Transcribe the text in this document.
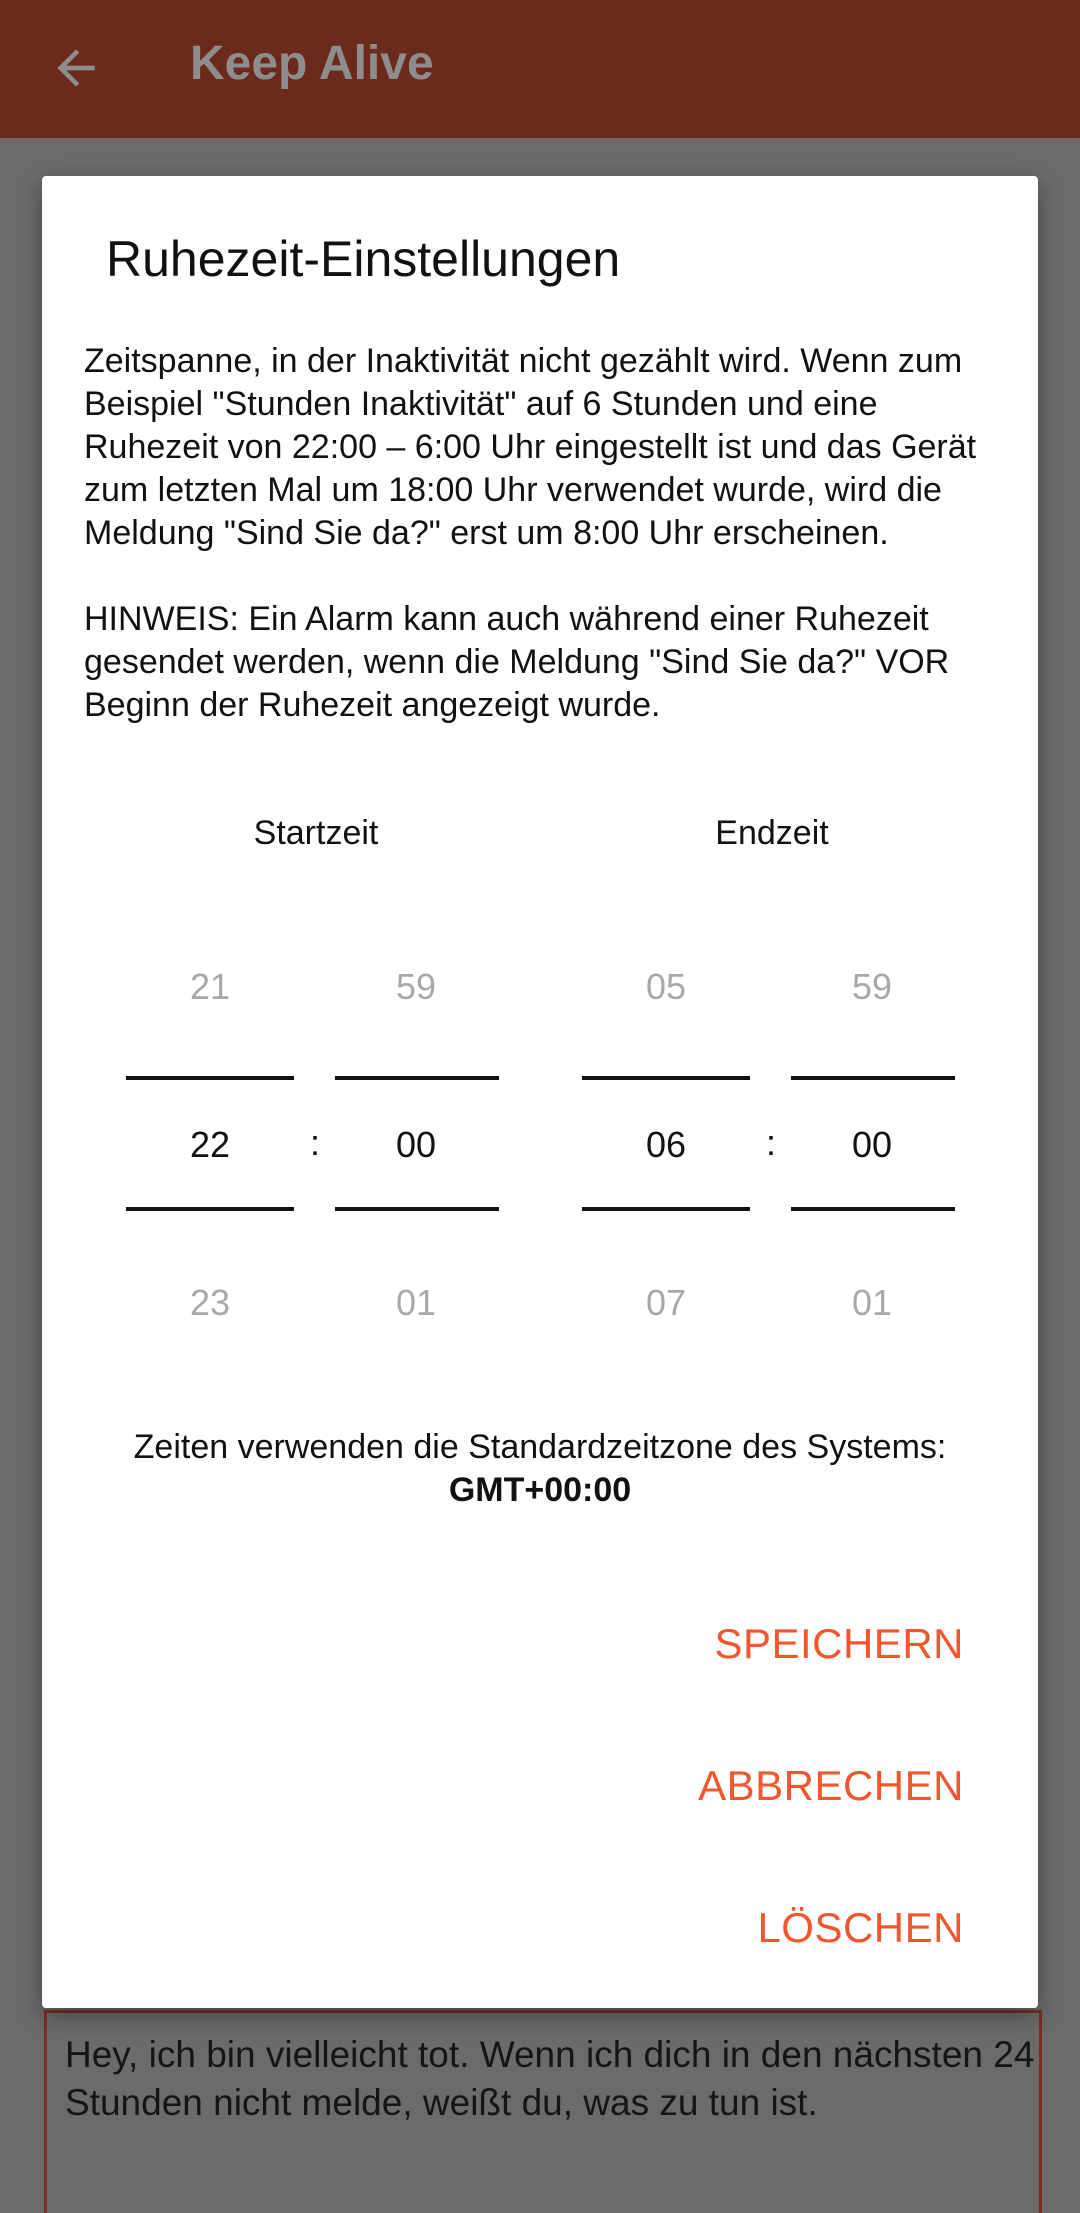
Keep Alive
Hey, ich bin vielleicht tot. Wenn ich dich in den nächsten 24 Stunden nicht melde, weißt du, was zu tun ist.
Ruhezeit-Einstellungen

Zeitspanne, in der Inaktivität nicht gezählt wird. Wenn zum Beispiel "Stunden Inaktivität" auf 6 Stunden und eine Ruhezeit von 22:00 – 6:00 Uhr eingestellt ist und das Gerät zum letzten Mal um 18:00 Uhr verwendet wurde, wird die Meldung "Sind Sie da?" erst um 8:00 Uhr erscheinen.

HINWEIS: Ein Alarm kann auch während einer Ruhezeit gesendet werden, wenn die Meldung "Sind Sie da?" VOR Beginn der Ruhezeit angezeigt wurde.

Startzeit	Endzeit
21
22
23
:
59
00
01
05
06
07
:
59
00
01
Zeiten verwenden die Standardzeitzone des Systems:
GMT+00:00
SPEICHERN
ABBRECHEN
LÖSCHEN
